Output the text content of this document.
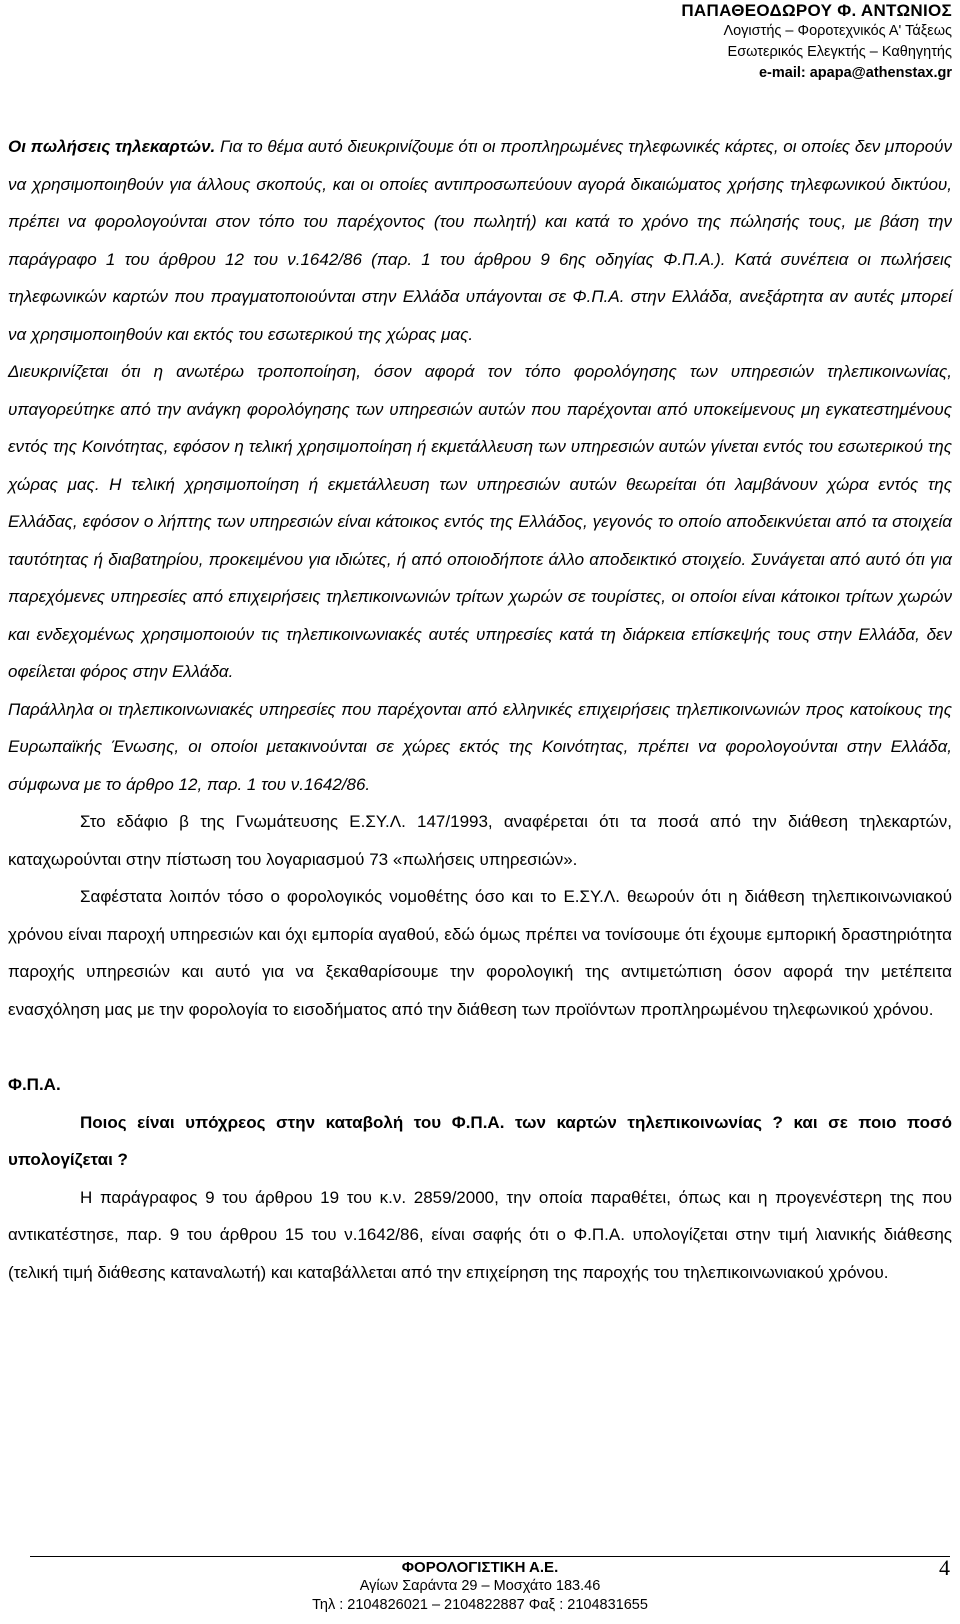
ΠΑΠΑΘΕΟΔΩΡΟΥ Φ. ΑΝΤΩΝΙΟΣ
Λογιστής – Φοροτεχνικός Α' Τάξεως
Εσωτερικός Ελεγκτής – Καθηγητής
e-mail: apapa@athenstax.gr

Οι πωλήσεις τηλεκαρτών. Για το θέμα αυτό διευκρινίζουμε ότι οι προπληρωμένες τηλεφωνικές κάρτες, οι οποίες δεν μπορούν να χρησιμοποιηθούν για άλλους σκοπούς, και οι οποίες αντιπροσωπεύουν αγορά δικαιώματος χρήσης τηλεφωνικού δικτύου, πρέπει να φορολογούνται στον τόπο του παρέχοντος (του πωλητή) και κατά το χρόνο της πώλησής τους, με βάση την παράγραφο 1 του άρθρου 12 του ν.1642/86 (παρ. 1 του άρθρου 9 6ης οδηγίας Φ.Π.Α.). Κατά συνέπεια οι πωλήσεις τηλεφωνικών καρτών που πραγματοποιούνται στην Ελλάδα υπάγονται σε Φ.Π.Α. στην Ελλάδα, ανεξάρτητα αν αυτές μπορεί να χρησιμοποιηθούν και εκτός του εσωτερικού της χώρας μας.

Διευκρινίζεται ότι η ανωτέρω τροποποίηση, όσον αφορά τον τόπο φορολόγησης των υπηρεσιών τηλεπικοινωνίας, υπαγορεύτηκε από την ανάγκη φορολόγησης των υπηρεσιών αυτών που παρέχονται από υποκείμενους μη εγκατεστημένους εντός της Κοινότητας, εφόσον η τελική χρησιμοποίηση ή εκμετάλλευση των υπηρεσιών αυτών γίνεται εντός του εσωτερικού της χώρας μας. Η τελική χρησιμοποίηση ή εκμετάλλευση των υπηρεσιών αυτών θεωρείται ότι λαμβάνουν χώρα εντός της Ελλάδας, εφόσον ο λήπτης των υπηρεσιών είναι κάτοικος εντός της Ελλάδος, γεγονός το οποίο αποδεικνύεται από τα στοιχεία ταυτότητας ή διαβατηρίου, προκειμένου για ιδιώτες, ή από οποιοδήποτε άλλο αποδεικτικό στοιχείο. Συνάγεται από αυτό ότι για παρεχόμενες υπηρεσίες από επιχειρήσεις τηλεπικοινωνιών τρίτων χωρών σε τουρίστες, οι οποίοι είναι κάτοικοι τρίτων χωρών και ενδεχομένως χρησιμοποιούν τις τηλεπικοινωνιακές αυτές υπηρεσίες κατά τη διάρκεια επίσκεψής τους στην Ελλάδα, δεν οφείλεται φόρος στην Ελλάδα.

Παράλληλα οι τηλεπικοινωνιακές υπηρεσίες που παρέχονται από ελληνικές επιχειρήσεις τηλεπικοινωνιών προς κατοίκους της Ευρωπαϊκής Ένωσης, οι οποίοι μετακινούνται σε χώρες εκτός της Κοινότητας, πρέπει να φορολογούνται στην Ελλάδα, σύμφωνα με το άρθρο 12, παρ. 1 του ν.1642/86.

Στο εδάφιο β της Γνωμάτευσης Ε.ΣΥ.Λ. 147/1993, αναφέρεται ότι τα ποσά από την διάθεση τηλεκαρτών, καταχωρούνται στην πίστωση του λογαριασμού 73 «πωλήσεις υπηρεσιών».

Σαφέστατα λοιπόν τόσο ο φορολογικός νομοθέτης όσο και το Ε.ΣΥ.Λ. θεωρούν ότι η διάθεση τηλεπικοινωνιακού χρόνου είναι παροχή υπηρεσιών και όχι εμπορία αγαθού, εδώ όμως πρέπει να τονίσουμε ότι έχουμε εμπορική δραστηριότητα παροχής υπηρεσιών και αυτό για να ξεκαθαρίσουμε την φορολογική της αντιμετώπιση όσον αφορά την μετέπειτα ενασχόληση μας με την φορολογία το εισοδήματος από την διάθεση των προϊόντων προπληρωμένου τηλεφωνικού χρόνου.

Φ.Π.Α.

Ποιος είναι υπόχρεος στην καταβολή του Φ.Π.Α. των καρτών τηλεπικοινωνίας ? και σε ποιο ποσό υπολογίζεται ?

Η παράγραφος 9 του άρθρου 19 του κ.ν. 2859/2000, την οποία παραθέτει, όπως και η προγενέστερη της που αντικατέστησε, παρ. 9 του άρθρου 15 του ν.1642/86, είναι σαφής ότι ο Φ.Π.Α. υπολογίζεται στην τιμή λιανικής διάθεσης (τελική τιμή διάθεσης καταναλωτή) και καταβάλλεται από την επιχείρηση της παροχής του τηλεπικοινωνιακού χρόνου.

ΦΟΡΟΛΟΓΙΣΤΙΚΗ Α.Ε.
Αγίων Σαράντα 29 – Μοσχάτο 183.46
Τηλ : 2104826021 – 2104822887 Φαξ : 2104831655
4
